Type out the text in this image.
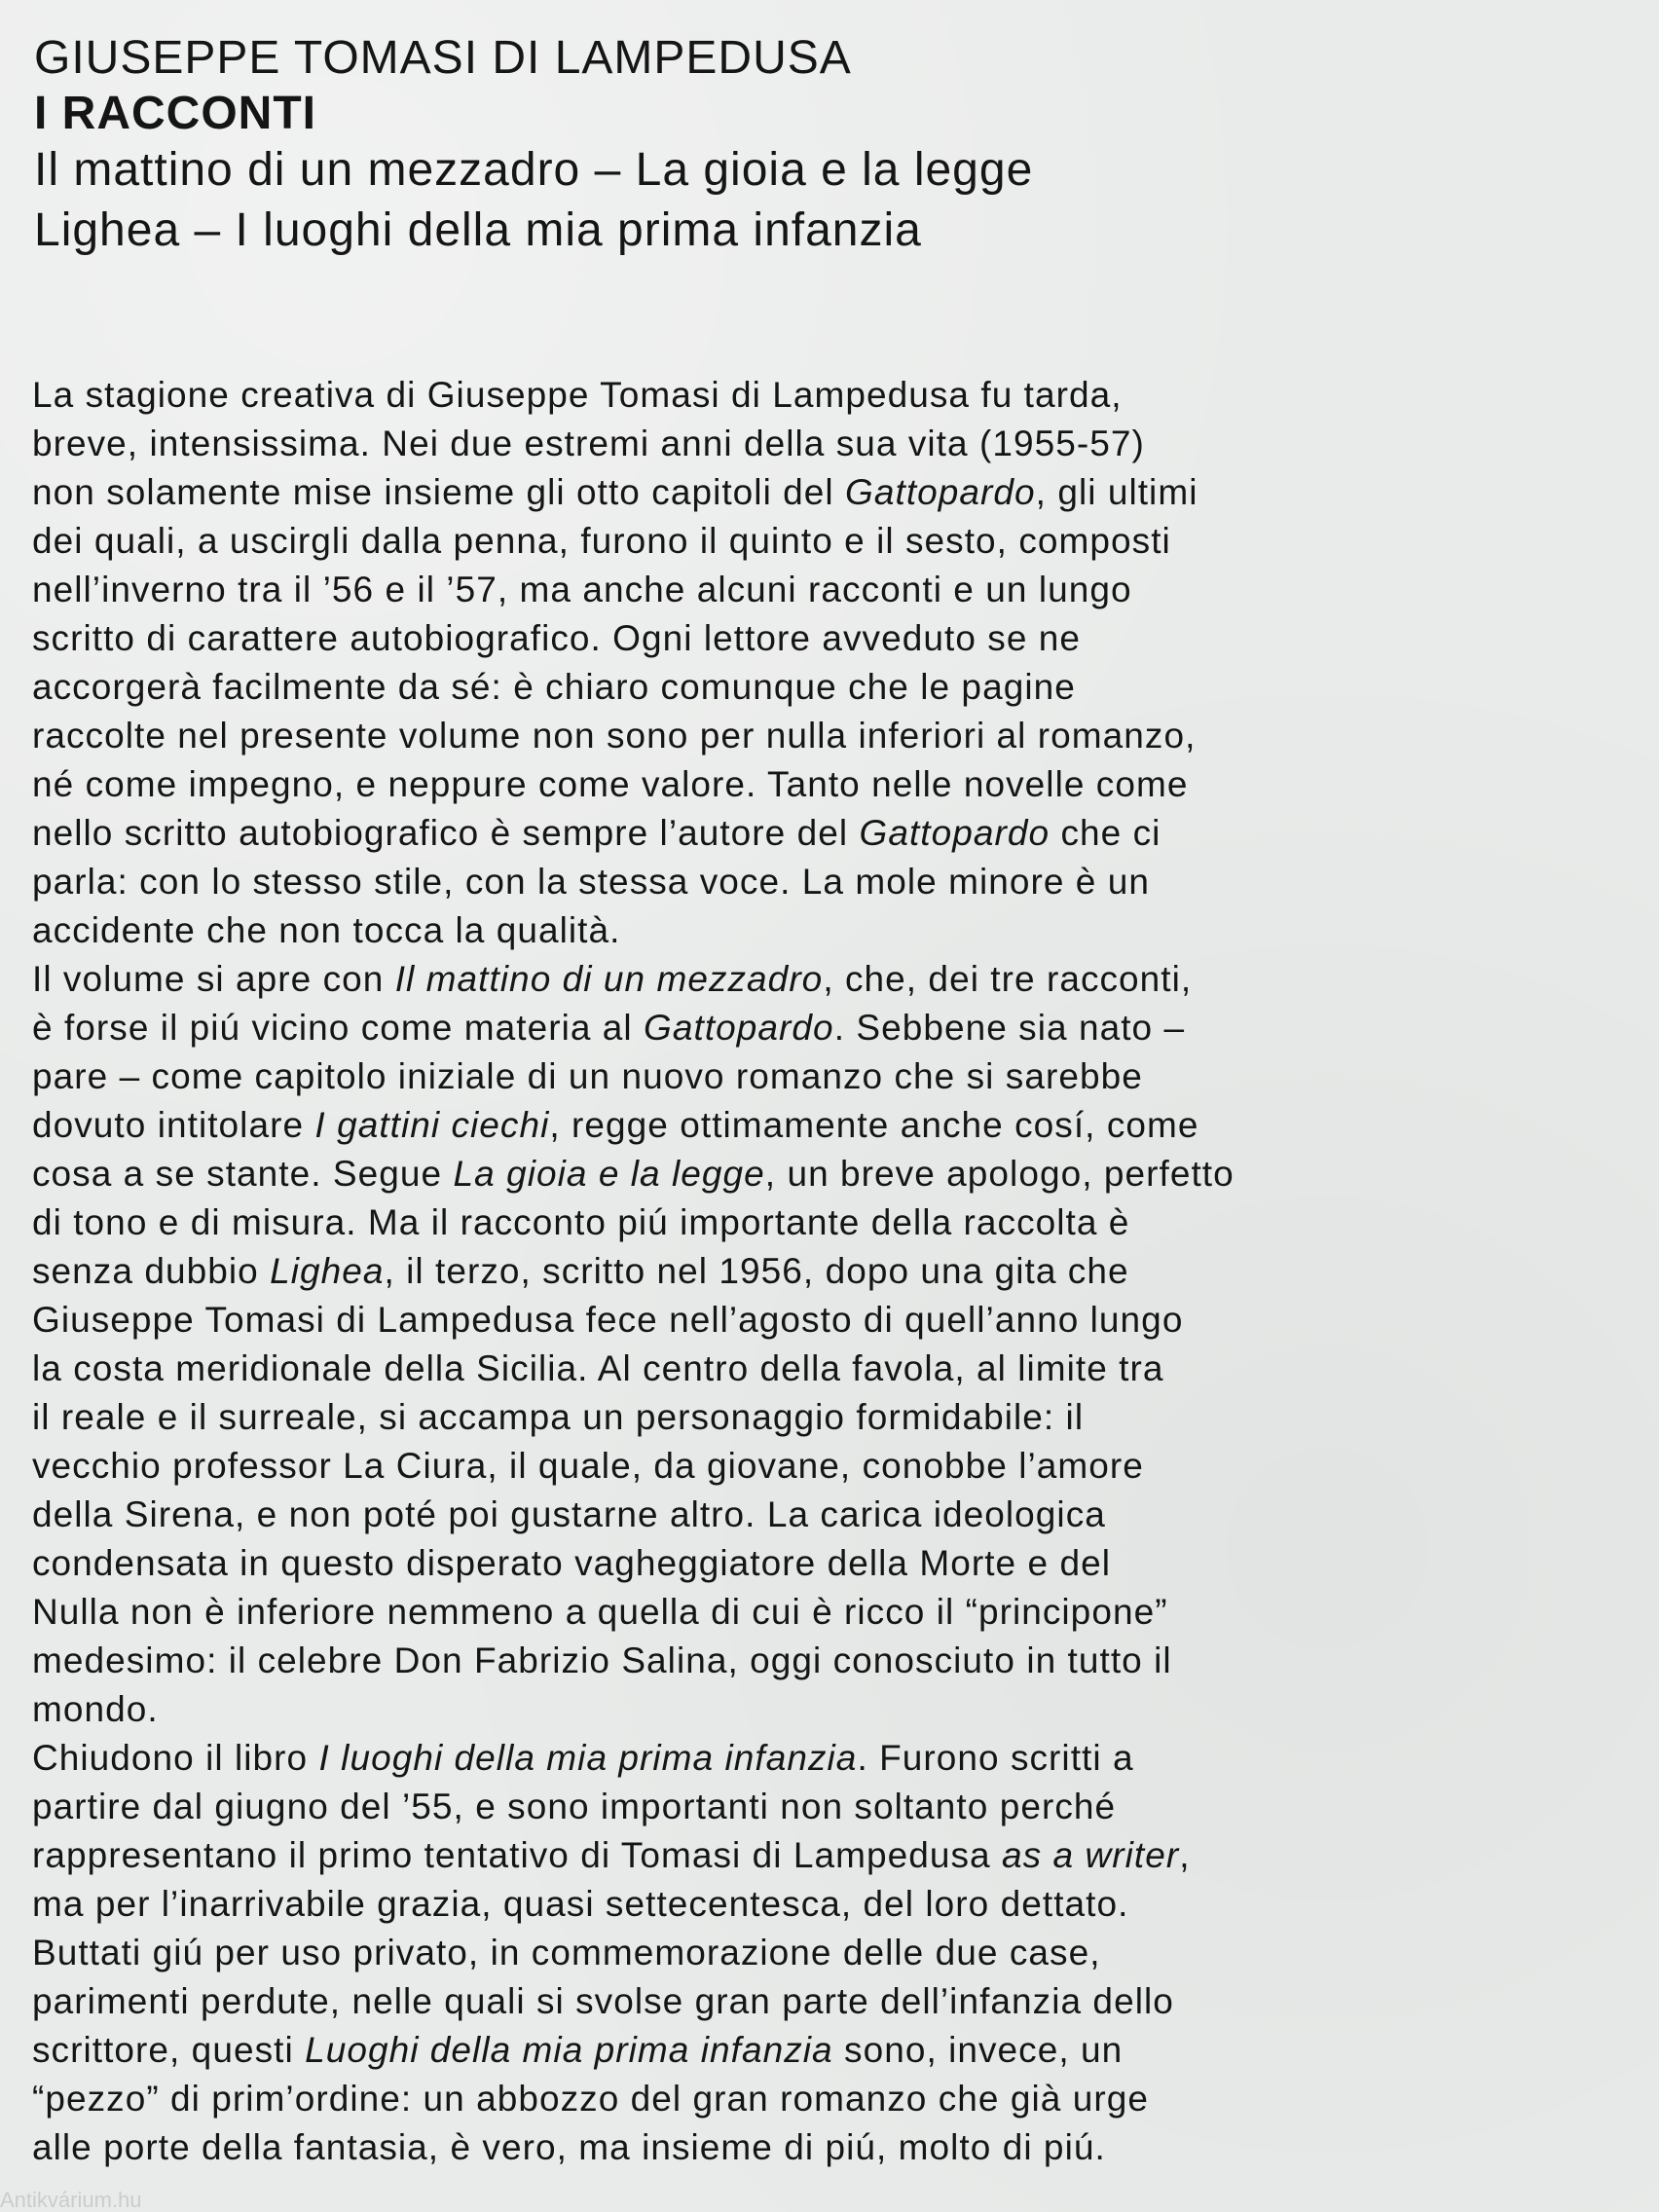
GIUSEPPE TOMASI DI LAMPEDUSA
I RACCONTI
Il mattino di un mezzadro – La gioia e la legge
Lighea – I luoghi della mia prima infanzia
La stagione creativa di Giuseppe Tomasi di Lampedusa fu tarda,
breve, intensissima. Nei due estremi anni della sua vita (1955-57)
non solamente mise insieme gli otto capitoli del Gattopardo, gli ultimi
dei quali, a uscirgli dalla penna, furono il quinto e il sesto, composti
nell’inverno tra il ’56 e il ’57, ma anche alcuni racconti e un lungo
scritto di carattere autobiografico. Ogni lettore avveduto se ne
accorgerà facilmente da sé: è chiaro comunque che le pagine
raccolte nel presente volume non sono per nulla inferiori al romanzo,
né come impegno, e neppure come valore. Tanto nelle novelle come
nello scritto autobiografico è sempre l’autore del Gattopardo che ci
parla: con lo stesso stile, con la stessa voce. La mole minore è un
accidente che non tocca la qualità.
Il volume si apre con Il mattino di un mezzadro, che, dei tre racconti,
è forse il piú vicino come materia al Gattopardo. Sebbene sia nato –
pare – come capitolo iniziale di un nuovo romanzo che si sarebbe
dovuto intitolare I gattini ciechi, regge ottimamente anche cosí, come
cosa a se stante. Segue La gioia e la legge, un breve apologo, perfetto
di tono e di misura. Ma il racconto piú importante della raccolta è
senza dubbio Lighea, il terzo, scritto nel 1956, dopo una gita che
Giuseppe Tomasi di Lampedusa fece nell’agosto di quell’anno lungo
la costa meridionale della Sicilia. Al centro della favola, al limite tra
il reale e il surreale, si accampa un personaggio formidabile: il
vecchio professor La Ciura, il quale, da giovane, conobbe l’amore
della Sirena, e non poté poi gustarne altro. La carica ideologica
condensata in questo disperato vagheggiatore della Morte e del
Nulla non è inferiore nemmeno a quella di cui è ricco il “principone”
medesimo: il celebre Don Fabrizio Salina, oggi conosciuto in tutto il
mondo.
Chiudono il libro I luoghi della mia prima infanzia. Furono scritti a
partire dal giugno del ’55, e sono importanti non soltanto perché
rappresentano il primo tentativo di Tomasi di Lampedusa as a writer,
ma per l’inarrivabile grazia, quasi settecentesca, del loro dettato.
Buttati giú per uso privato, in commemorazione delle due case,
parimenti perdute, nelle quali si svolse gran parte dell’infanzia dello
scrittore, questi Luoghi della mia prima infanzia sono, invece, un
“pezzo” di prim’ordine: un abbozzo del gran romanzo che già urge
alle porte della fantasia, è vero, ma insieme di piú, molto di piú.
Antikvárium.hu
